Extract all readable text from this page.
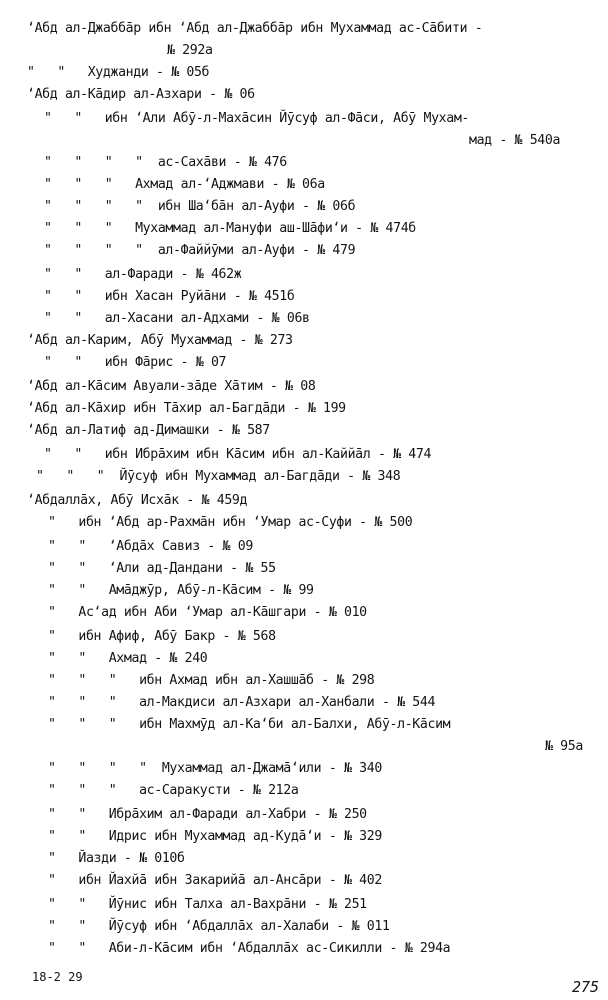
ʻАбд ал-Джаббāр ибн ʻАбд ал-Джаббāр ибн Мухаммад ас-Сāбити -
№ 292а
"   "   Худжанди - № 05б
ʻАбд ал-Кāдир ал-Азхари - № 06
"   "   ибн ʻАли Абӯ-л-Махāсин Йӯсуф ал-Фāси, Абӯ Мухам-
мад - № 540а
"   "   "   "  ас-Сахāви - № 476
"   "   "   Ахмад ал-ʻАджмави - № 06а
"   "   "   "  ибн Шаʻбāн ал-Ауфи - № 06б
"   "   "   Мухаммад ал-Мануфи аш-Шāфиʻи - № 474б
"   "   "   "  ал-Файйӯми ал-Ауфи - № 479
"   "   ал-Фаради - № 462ж
"   "   ибн Хасан Руйāни - № 451б
"   "   ал-Хасани ал-Адхами - № 06в
ʻАбд ал-Карим, Абӯ Мухаммад - № 273
"   "   ибн Фāрис - № 07
ʻАбд ал-Кāсим Авуали-зāде Хāтим - № 08
ʻАбд ал-Кāхир ибн Тāхир ал-Багдāди - № 199
ʻАбд ал-Латиф ад-Димашки - № 587
"   "   ибн Ибрāхим ибн Кāсим ибн ал-Каййāл - № 474
"   "   "  Йӯсуф ибн Мухаммад ал-Багдāди - № 348
ʻАбдаллāх, Абӯ Исхāк - № 459д
"   ибн ʻАбд ар-Рахмāн ибн ʻУмар ас-Суфи - № 500
"   "   ʻАбдāх Савиз - № 09
"   "   ʻАли ад-Дандани - № 55
"   "   Амāджӯр, Абӯ-л-Кāсим - № 99
"   Асʻад ибн Аби ʻУмар ал-Кāшгари - № 010
"   ибн Афиф, Абӯ Бакр - № 568
"   "   Ахмад - № 240
"   "   "   ибн Ахмад ибн ал-Хашшāб - № 298
"   "   "   ал-Макдиси ал-Азхари ал-Ханбали - № 544
"   "   "   ибн Махмӯд ал-Каʻби ал-Балхи, Абӯ-л-Кāсим
№ 95а
"   "   "   "  Мухаммад ал-Джамāʻили - № 340
"   "   "   ас-Саракусти - № 212а
"   "   Ибрāхим ал-Фаради ал-Хабри - № 250
"   "   Идрис ибн Мухаммад ад-Кудāʻи - № 329
"   Йазди - № 010б
"   ибн Йахйā ибн Закарийā ал-Ансāри - № 402
"   "   Йӯнис ибн Талха ал-Вахрāни - № 251
"   "   Йӯсуф ибн ʻАбдаллāх ал-Халаби - № 011
"   "   Аби-л-Кāсим ибн ʻАбдаллāх ас-Сикилли - № 294а
18-2 29
275
